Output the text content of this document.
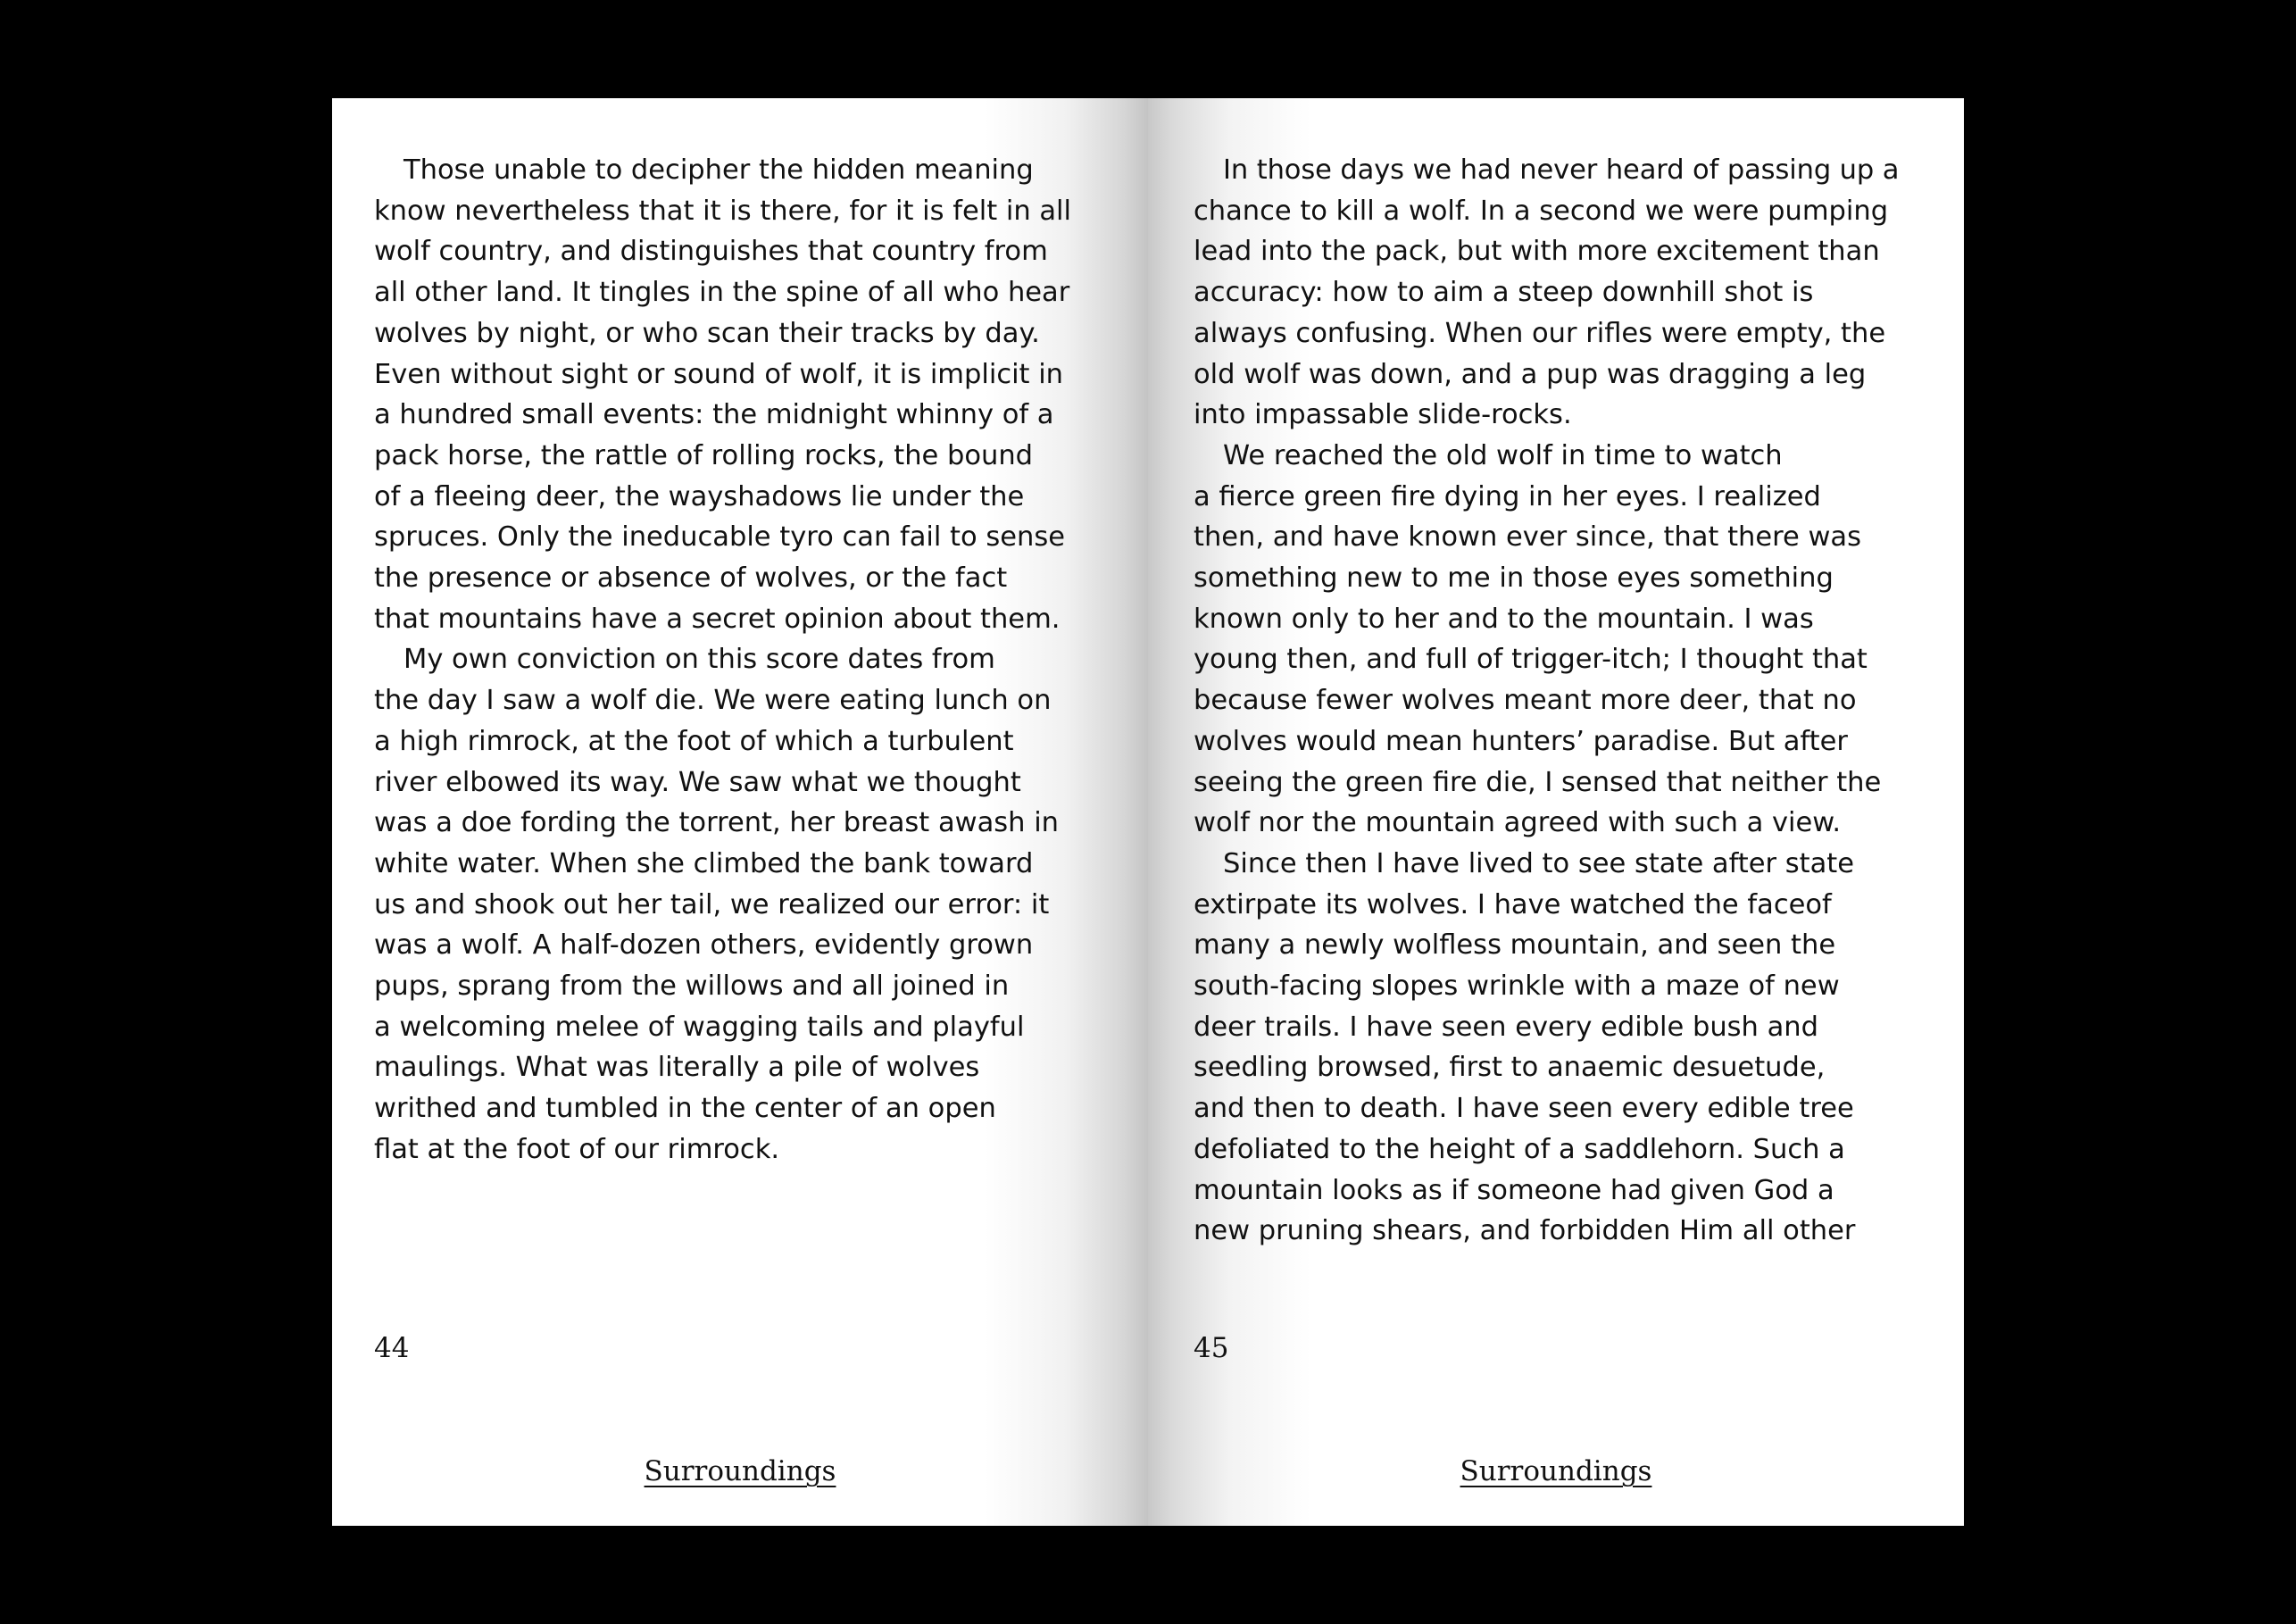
Those unable to decipher the hidden meaning
know nevertheless that it is there, for it is felt in all
wolf country, and distinguishes that country from
all other land. It tingles in the spine of all who hear
wolves by night, or who scan their tracks by day.
Even without sight or sound of wolf, it is implicit in
a hundred small events: the midnight whinny of a
pack horse, the rattle of rolling rocks, the bound
of a fleeing deer, the wayshadows lie under the
spruces. Only the ineducable tyro can fail to sense
the presence or absence of wolves, or the fact
that mountains have a secret opinion about them.
My own conviction on this score dates from
the day I saw a wolf die. We were eating lunch on
a high rimrock, at the foot of which a turbulent
river elbowed its way. We saw what we thought
was a doe fording the torrent, her breast awash in
white water. When she climbed the bank toward
us and shook out her tail, we realized our error: it
was a wolf. A half-dozen others, evidently grown
pups, sprang from the willows and all joined in
a welcoming melee of wagging tails and playful
maulings. What was literally a pile of wolves
writhed and tumbled in the center of an open
flat at the foot of our rimrock.
44
Surroundings
In those days we had never heard of passing up a
chance to kill a wolf. In a second we were pumping
lead into the pack, but with more excitement than
accuracy: how to aim a steep downhill shot is
always confusing. When our rifles were empty, the
old wolf was down, and a pup was dragging a leg
into impassable slide-rocks.
We reached the old wolf in time to watch
a fierce green fire dying in her eyes. I realized
then, and have known ever since, that there was
something new to me in those eyes something
known only to her and to the mountain. I was
young then, and full of trigger-itch; I thought that
because fewer wolves meant more deer, that no
wolves would mean hunters’ paradise. But after
seeing the green fire die, I sensed that neither the
wolf nor the mountain agreed with such a view.
Since then I have lived to see state after state
extirpate its wolves. I have watched the faceof
many a newly wolfless mountain, and seen the
south-facing slopes wrinkle with a maze of new
deer trails. I have seen every edible bush and
seedling browsed, first to anaemic desuetude,
and then to death. I have seen every edible tree
defoliated to the height of a saddlehorn. Such a
mountain looks as if someone had given God a
new pruning shears, and forbidden Him all other
45
Surroundings
